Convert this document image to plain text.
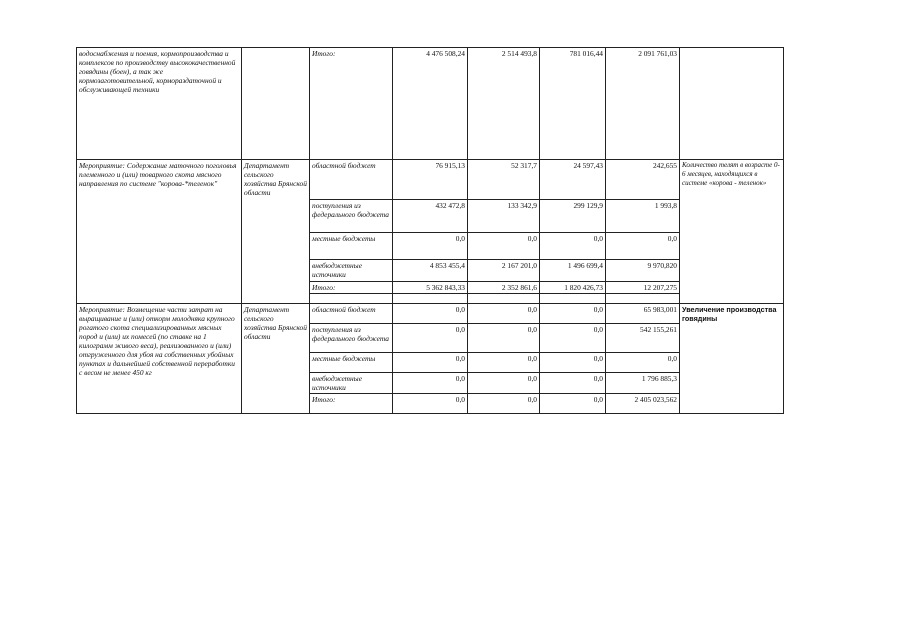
водоснабжения и поения, кормопроизводства и комплексов по производству высококачественной говядины (боен), а так же кормозаготовительной, кормораздаточной и обслуживающей техники		Итого:	4 476 508,24	2 514 493,8	781 016,44	2 091 761,03	
Мероприятие: Содержание маточного поголовья племенного и (или) товарного скота мясного направления по системе "корова-*теленок"	Департамент сельского хозяйства Брянской области	областной бюджет	76 915,13	52 317,7	24 597,43	242,655	Количество телят в возрасте 0-6 месяцев, находящихся в системе «корова - теленок»
		поступления из федерального бюджета	432 472,8	133 342,9	299 129,9	1 993,8	
		местные бюджеты	0,0	0,0	0,0	0,0	
		внебюджетные источники	4 853 455,4	2 167 201,0	1 496 699,4	9 970,820	
		Итого:	5 362 843,33	2 352 861,6	1 820 426,73	12 207,275	

Мероприятие: Возмещение части затрат на выращивание и (или) откорм молодняка крупного рогатого скота специализированных мясных пород и (или) их помесей (по ставке на 1 килограмм живого веса), реализованного и (или) отгруженного для убоя на собственных убойных пунктах и дальнейшей собственной переработки с весом не менее 450 кг	Департамент сельского хозяйства Брянской области	областной бюджет	0,0	0,0	0,0	65 983,001	Увеличение производства говядины
		поступления из федерального бюджета	0,0	0,0	0,0	542 155,261	
		местные бюджеты	0,0	0,0	0,0	0,0	
		внебюджетные источники	0,0	0,0	0,0	1 796 885,3	
		Итого:	0,0	0,0	0,0	2 405 023,562	
